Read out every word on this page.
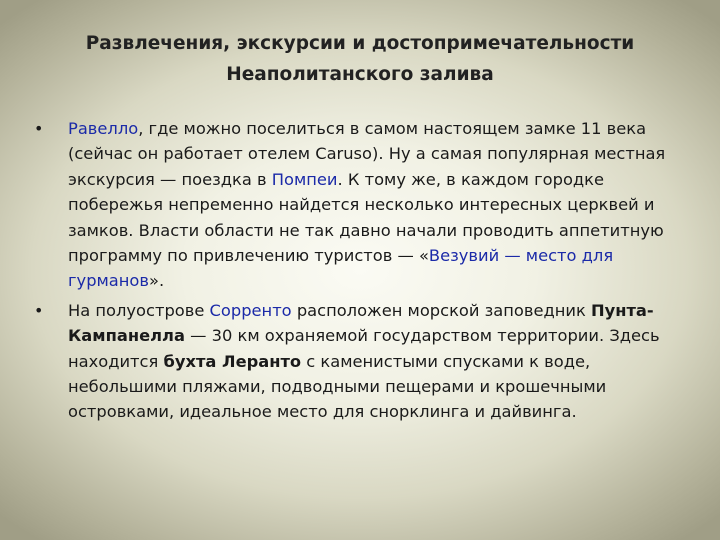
Развлечения, экскурсии и достопримечательности
Неаполитанского залива

• Равелло, где можно поселиться в самом настоящем замке 11 века (сейчас он работает отелем Caruso). Ну а самая популярная местная экскурсия — поездка в Помпеи. К тому же, в каждом городке побережья непременно найдется несколько интересных церквей и замков. Власти области не так давно начали проводить аппетитную программу по привлечению туристов — «Везувий — место для гурманов».

• На полуострове Сорренто расположен морской заповедник Пунта-Кампанелла — 30 км охраняемой государством территории. Здесь находится бухта Леранто с каменистыми спусками к воде, небольшими пляжами, подводными пещерами и крошечными островками, идеальное место для снорклинга и дайвинга.
